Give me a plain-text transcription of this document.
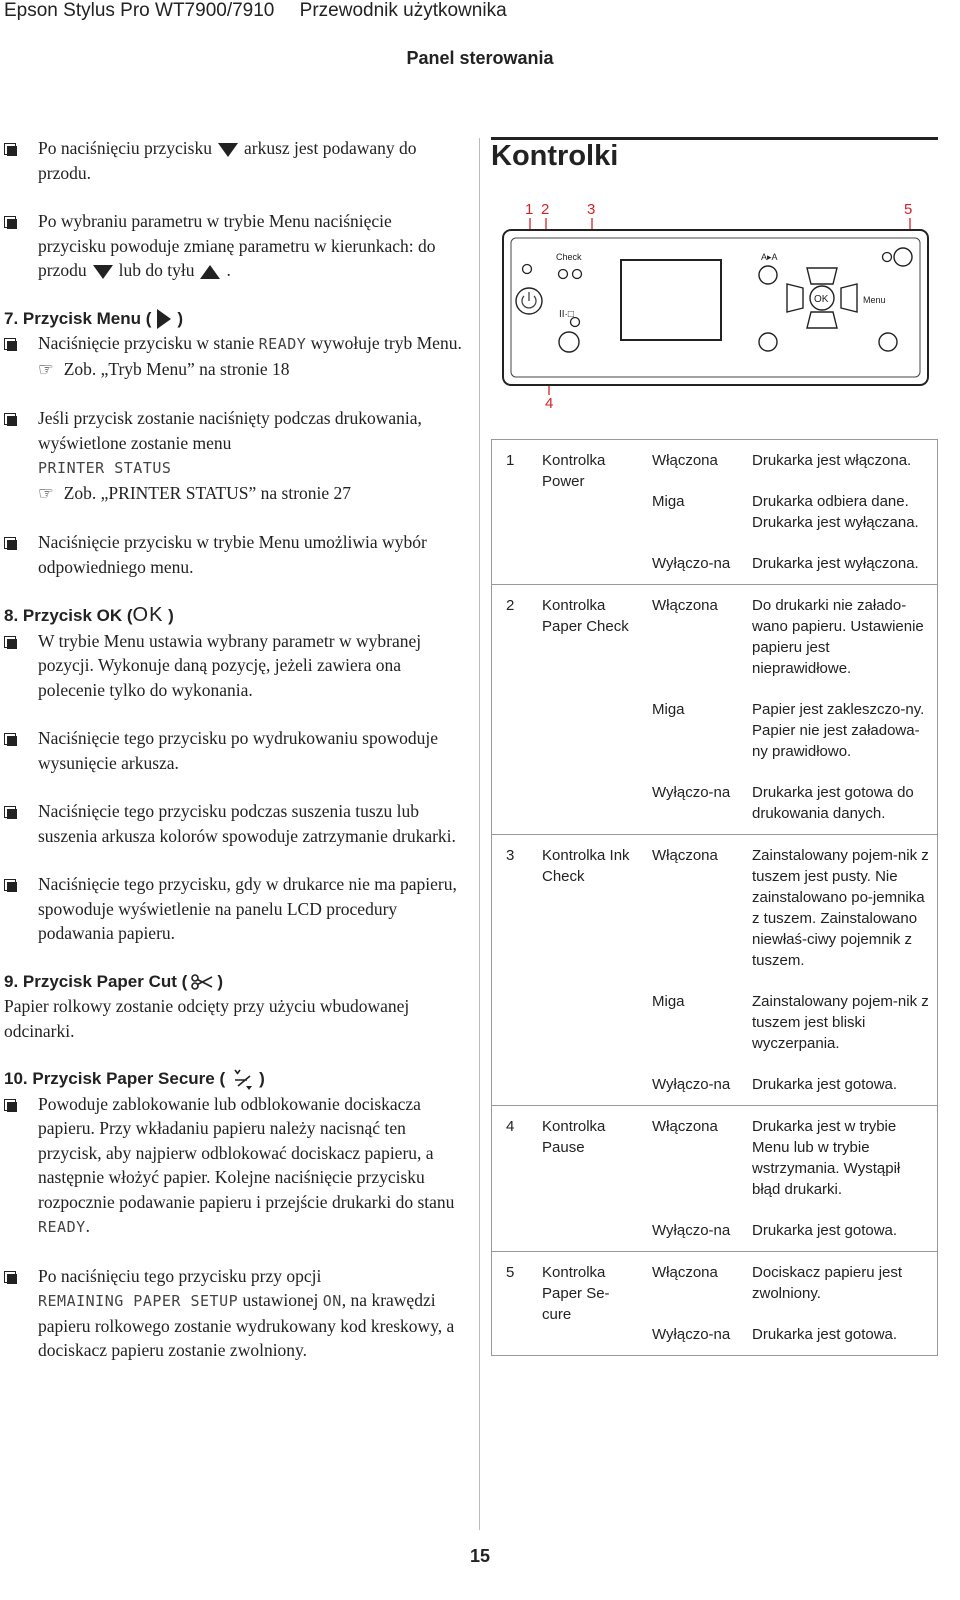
Epson Stylus Pro WT7900/7910 Przewodnik użytkownika
Panel sterowania
Po naciśnięciu przycisku arkusz jest podawany do przodu.
Po wybraniu parametru w trybie Menu naciśnięcie przycisku powoduje zmianę parametru w kierunkach: do przodu lub do tyłu .
7. Przycisk Menu ( )
Naciśnięcie przycisku w stanie READY wywołuje tryb Menu.
☞ Zob. „Tryb Menu” na stronie 18
Jeśli przycisk zostanie naciśnięty podczas drukowania, wyświetlone zostanie menu
PRINTER STATUS
☞ Zob. „PRINTER STATUS” na stronie 27
Naciśnięcie przycisku w trybie Menu umożliwia wybór odpowiedniego menu.
8. Przycisk OK (OK )
W trybie Menu ustawia wybrany parametr w wybranej pozycji. Wykonuje daną pozycję, jeżeli zawiera ona polecenie tylko do wykonania.
Naciśnięcie tego przycisku po wydrukowaniu spowoduje wysunięcie arkusza.
Naciśnięcie tego przycisku podczas suszenia tuszu lub suszenia arkusza kolorów spowoduje zatrzymanie drukarki.
Naciśnięcie tego przycisku, gdy w drukarce nie ma papieru, spowoduje wyświetlenie na panelu LCD procedury podawania papieru.
9. Przycisk Paper Cut ( )
Papier rolkowy zostanie odcięty przy użyciu wbudowanej odcinarki.
10. Przycisk Paper Secure ( )
Powoduje zablokowanie lub odblokowanie dociskacza papieru. Przy wkładaniu papieru należy nacisnąć ten przycisk, aby najpierw odblokować dociskacz papieru, a następnie włożyć papier. Kolejne naciśnięcie przycisku rozpocznie podawanie papieru i przejście drukarki do stanu READY.
Po naciśnięciu tego przycisku przy opcji
REMAINING PAPER SETUP ustawionej ON, na krawędzi papieru rolkowego zostanie wydrukowany kod kreskowy, a dociskacz papieru zostanie zwolniony.
Kontrolki
1 2	3
4
5
Check
II·□
A▸A
OK	Menu
1	Kontrolka Power	Włączona	Drukarka jest włączona.
		Miga	Drukarka odbiera dane. Drukarka jest wyłączana.
		Wyłączo-na	Drukarka jest wyłączona.
2	Kontrolka Paper Check	Włączona	Do drukarki nie załado-wano papieru. Ustawienie papieru jest nieprawidłowe.
		Miga	Papier jest zakleszczo-ny. Papier nie jest załadowa-ny prawidłowo.
		Wyłączo-na	Drukarka jest gotowa do drukowania danych.
3	Kontrolka Ink Check	Włączona	Zainstalowany pojem-nik z tuszem jest pusty. Nie zainstalowano po-jemnika z tuszem. Zainstalowano niewłaś-ciwy pojemnik z tuszem.
		Miga	Zainstalowany pojem-nik z tuszem jest bliski wyczerpania.
		Wyłączo-na	Drukarka jest gotowa.
4	Kontrolka Pause	Włączona	Drukarka jest w trybie Menu lub w trybie wstrzymania. Wystąpił błąd drukarki.
		Wyłączo-na	Drukarka jest gotowa.
5	Kontrolka Paper Se-cure	Włączona	Dociskacz papieru jest zwolniony.
		Wyłączo-na	Drukarka jest gotowa.
15
